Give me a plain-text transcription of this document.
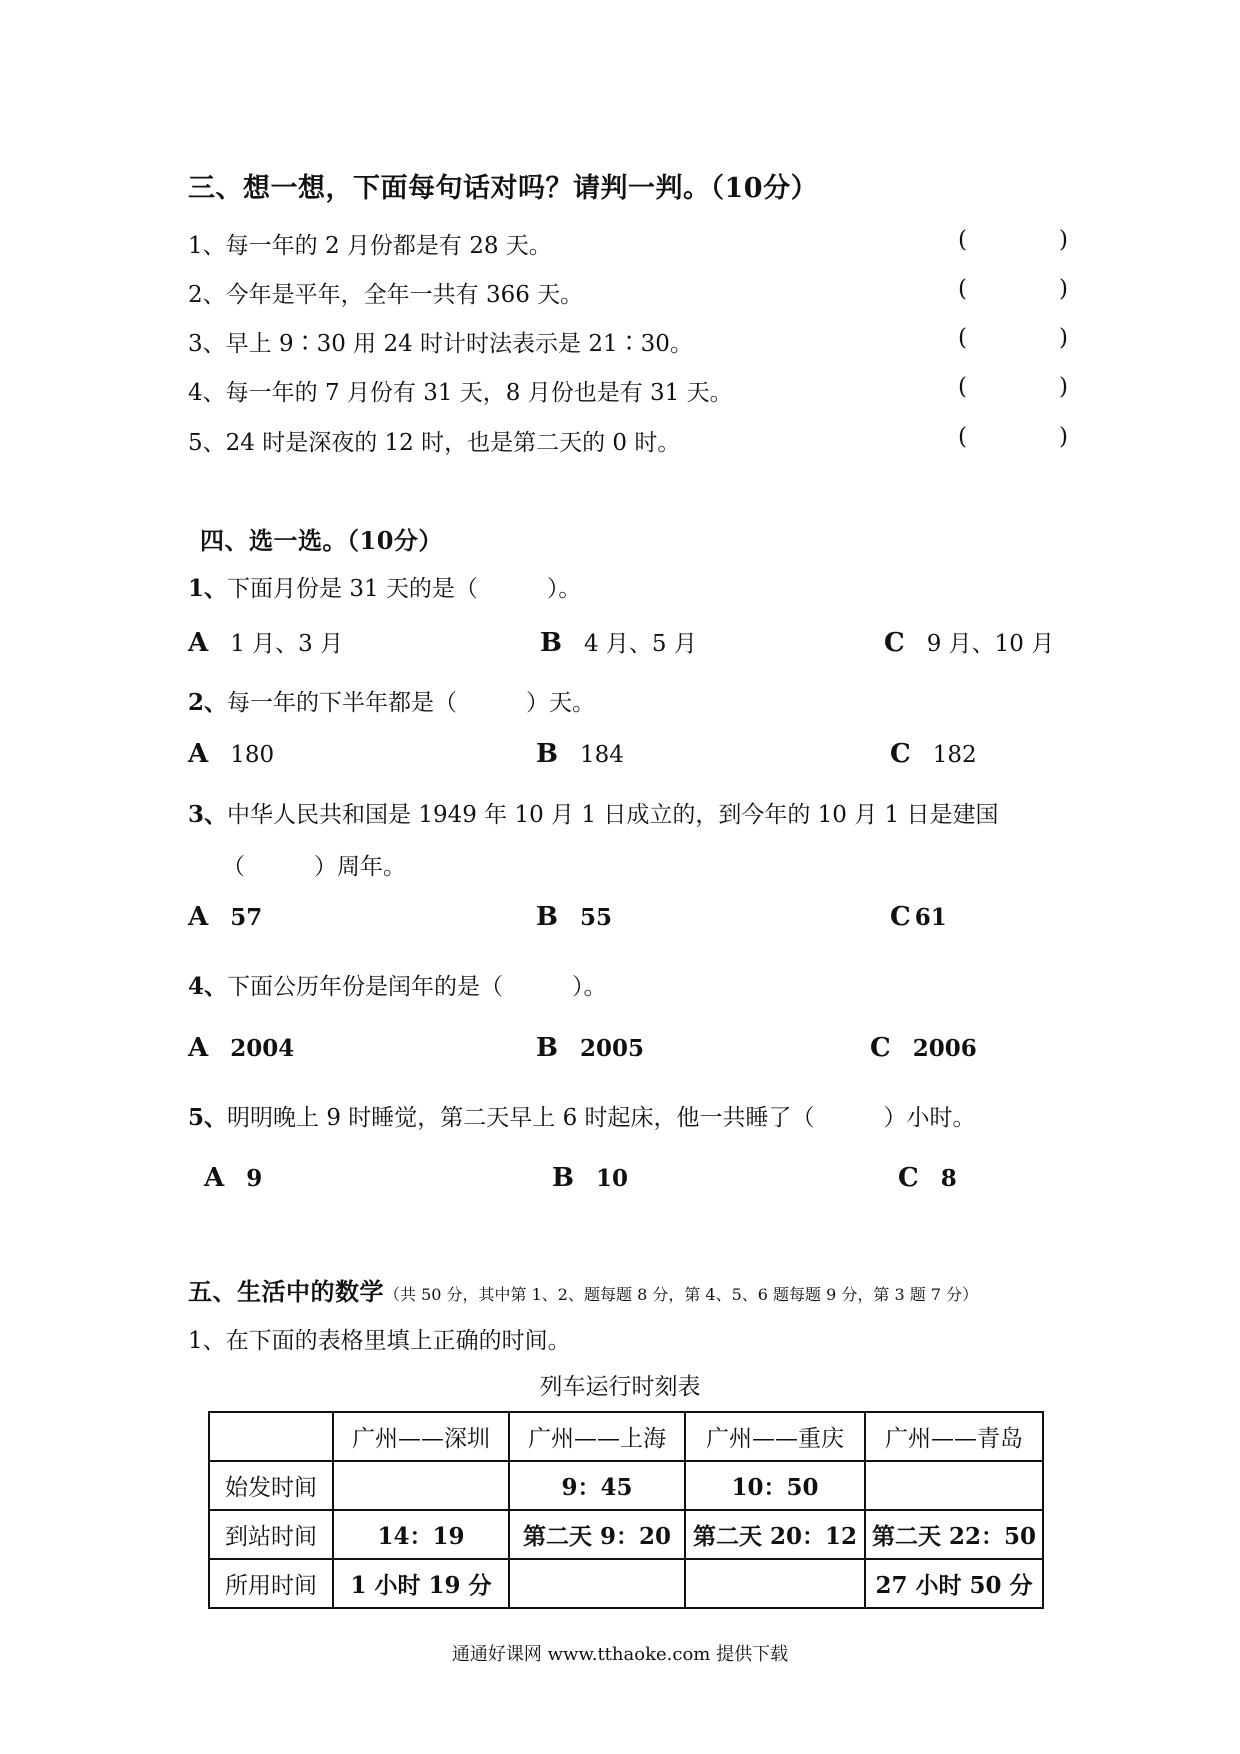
三、想一想，下面每句话对吗？请判一判。（10分）
1、每一年的 2 月份都是有 28 天。	(	)
2、今年是平年，全年一共有 366 天。	(	)
3、早上 9∶30 用 24 时计时法表示是 21∶30。	(	)
4、每一年的 7 月份有 31 天，8 月份也是有 31 天。	(	)
5、24 时是深夜的 12 时，也是第二天的 0 时。	(	)
四、选一选。（10分）
1、下面月份是 31 天的是（　　　）。
A 1 月、3 月	B 4 月、5 月	C 9 月、10 月
2、每一年的下半年都是（　　　）天。
A 180	B 184	C 182
3、中华人民共和国是 1949 年 10 月 1 日成立的，到今年的 10 月 1 日是建国
（　　　）周年。
A 57	B 55	C 61
4、下面公历年份是闰年的是（　　　）。
A 2004	B 2005	C 2006
5、明明晚上 9 时睡觉，第二天早上 6 时起床，他一共睡了（　　　）小时。
A 9	B 10	C 8
五、生活中的数学（共 50 分，其中第 1、2、题每题 8 分，第 4、5、6 题每题 9 分，第 3 题 7 分）
1、在下面的表格里填上正确的时间。
列车运行时刻表
	广州——深圳	广州——上海	广州——重庆	广州——青岛
始发时间		9：45	10：50	
到站时间	14：19	第二天 9：20	第二天 20：12	第二天 22：50
所用时间	1 小时 19 分			27 小时 50 分
通通好课网 www.tthaoke.com 提供下载
